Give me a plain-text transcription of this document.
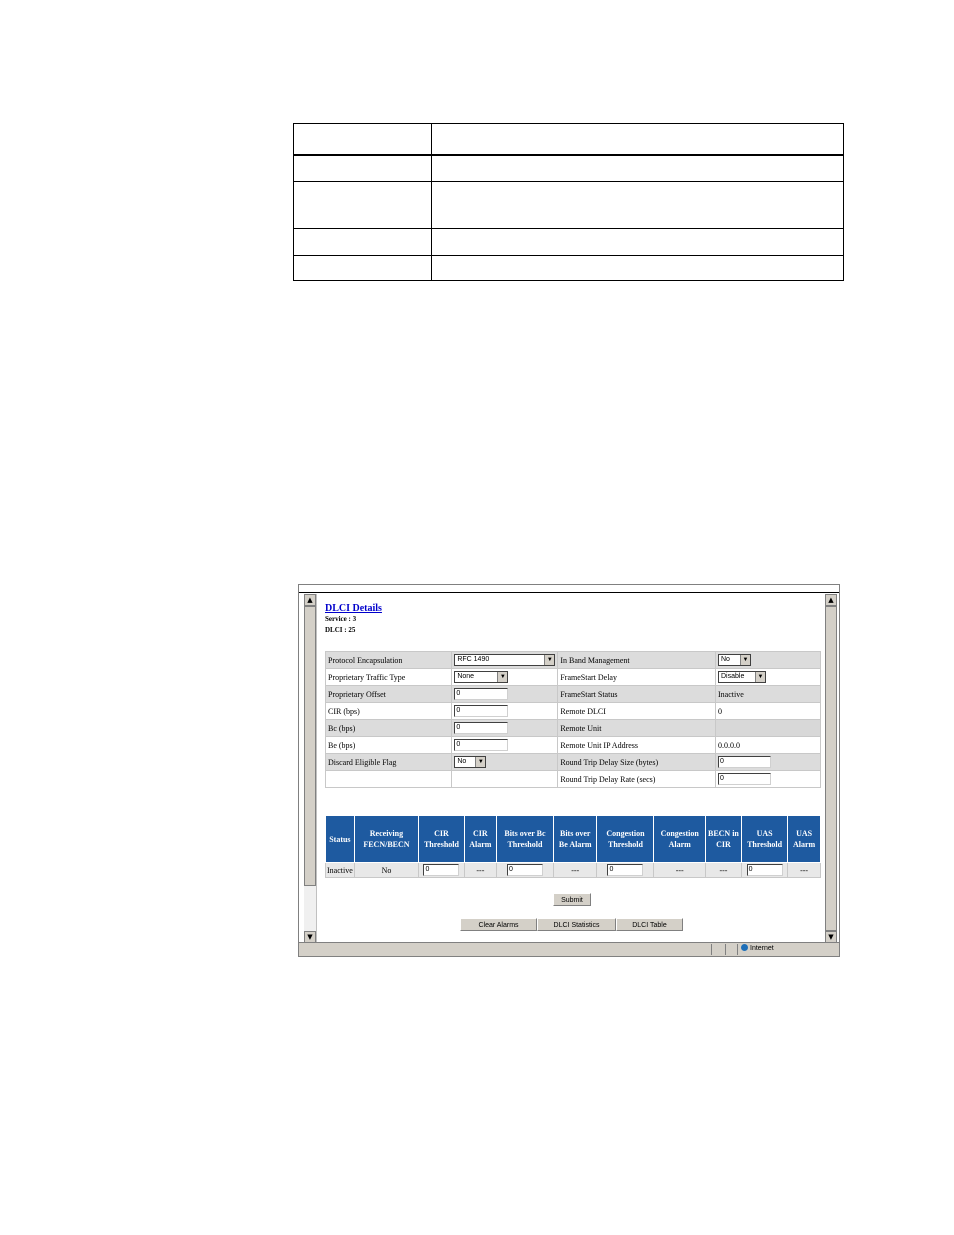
▲
▼
▲
▼
DLCI Details
Service : 3
DLCI : 25
Protocol Encapsulation	RFC 1490 ▼	In Band Management	No ▼

Proprietary Traffic Type	None ▼	FrameStart Delay	Disable ▼

Proprietary Offset	0	FrameStart Status	Inactive
CIR (bps)	0	Remote DLCI	0
Bc (bps)	0	Remote Unit	
Be (bps)	0	Remote Unit IP Address	0.0.0.0
Discard Eligible Flag	No ▼	Round Trip Delay Size (bytes)	0
		Round Trip Delay Rate (secs)	0
Status	Receiving FECN/BECN	CIR Threshold	CIR Alarm	Bits over Bc Threshold	Bits over Be Alarm	Congestion Threshold	Congestion Alarm	BECN in CIR	UAS Threshold	UAS Alarm
Inactive	No	0	---	0	---	0	---	---	0	---
Submit
Clear Alarms	DLCI Statistics	DLCI Table
Internet
